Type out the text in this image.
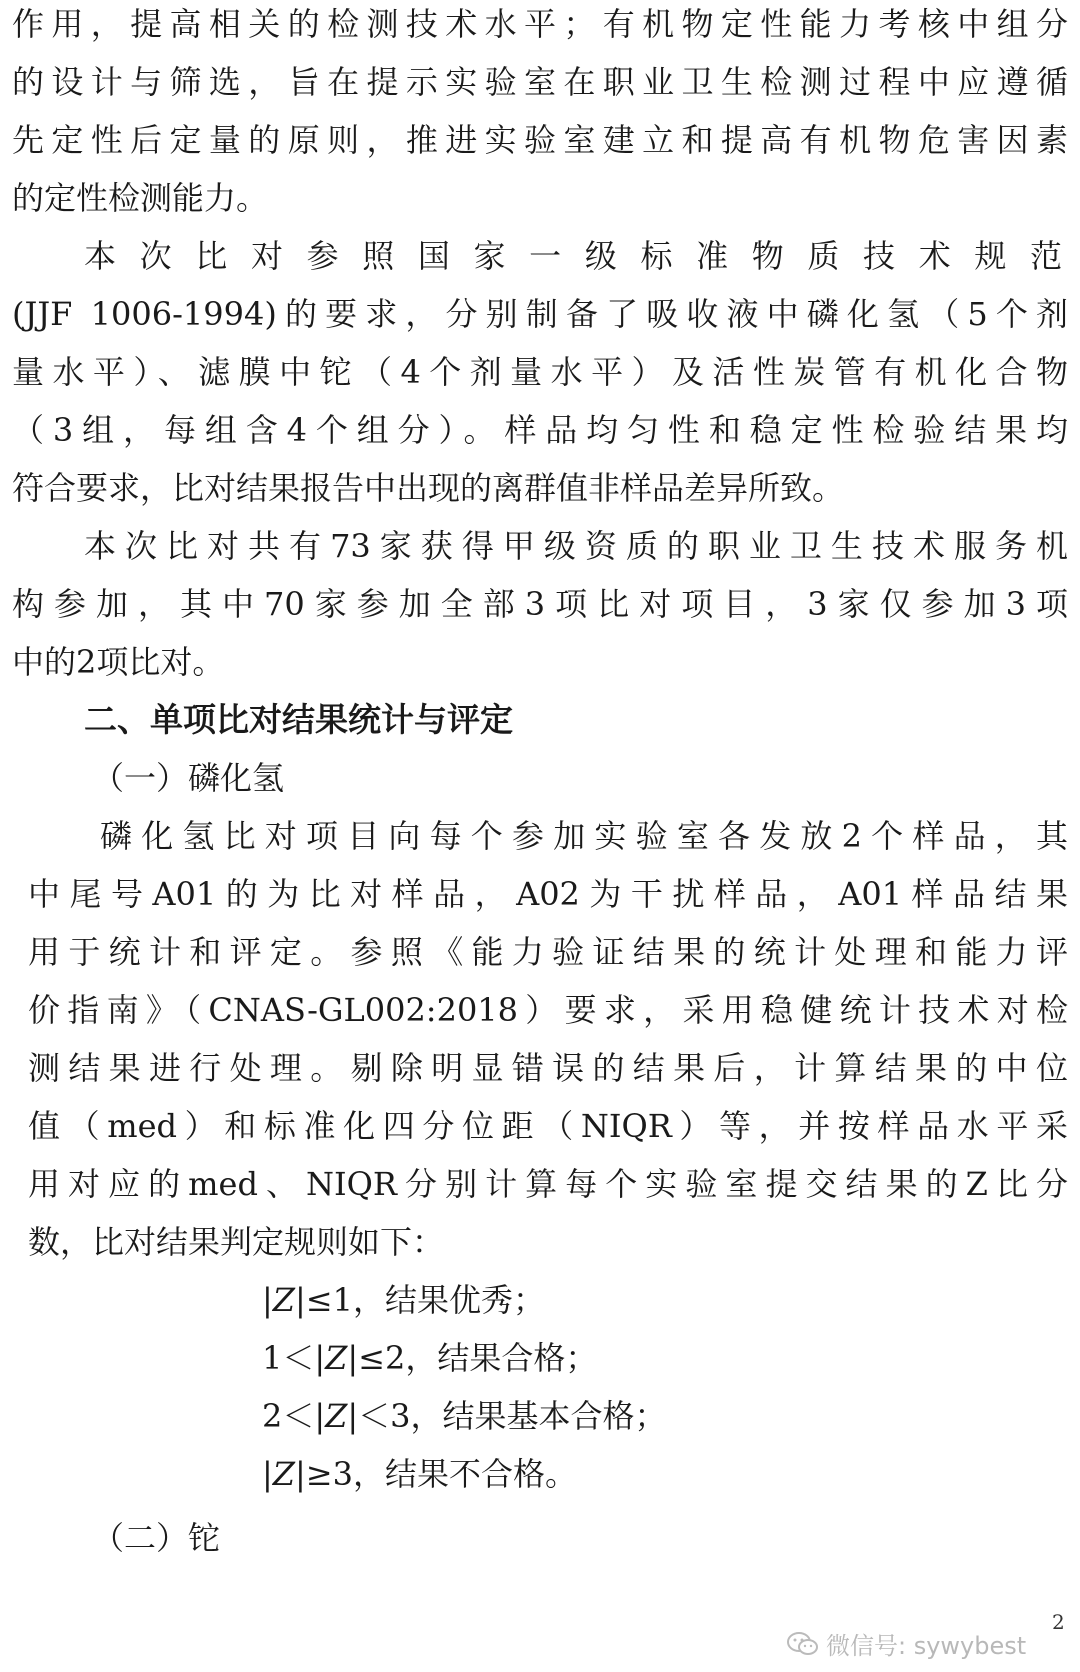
作用，提高相关的检测技术水平；有机物定性能力考核中组分
的设计与筛选，旨在提示实验室在职业卫生检测过程中应遵循
先定性后定量的原则，推进实验室建立和提高有机物危害因素
的定性检测能力。
本次比对参照国家一级标准物质技术规范
(JJF 1006-1994)的要求，分别制备了吸收液中磷化氢（5个剂
量水平）、滤膜中铊（4个剂量水平）及活性炭管有机化合物
（3组，每组含4个组分）。样品均匀性和稳定性检验结果均
符合要求，比对结果报告中出现的离群值非样品差异所致。
本次比对共有73家获得甲级资质的职业卫生技术服务机
构参加，其中70家参加全部3项比对项目，3家仅参加3项
中的2项比对。
二、单项比对结果统计与评定
（一）磷化氢
磷化氢比对项目向每个参加实验室各发放2个样品，其
中尾号A01的为比对样品，A02为干扰样品，A01样品结果
用于统计和评定。参照《能力验证结果的统计处理和能力评
价指南》（CNAS-GL002:2018）要求，采用稳健统计技术对检
测结果进行处理。剔除明显错误的结果后，计算结果的中位
值（med）和标准化四分位距（NIQR）等，并按样品水平采
用对应的med、NIQR分别计算每个实验室提交结果的Z比分
数，比对结果判定规则如下：
|Z|≤1，结果优秀；
1＜|Z|≤2，结果合格；
2＜|Z|＜3，结果基本合格；
|Z|≥3，结果不合格。
（二）铊
微信号: sywybest
2
